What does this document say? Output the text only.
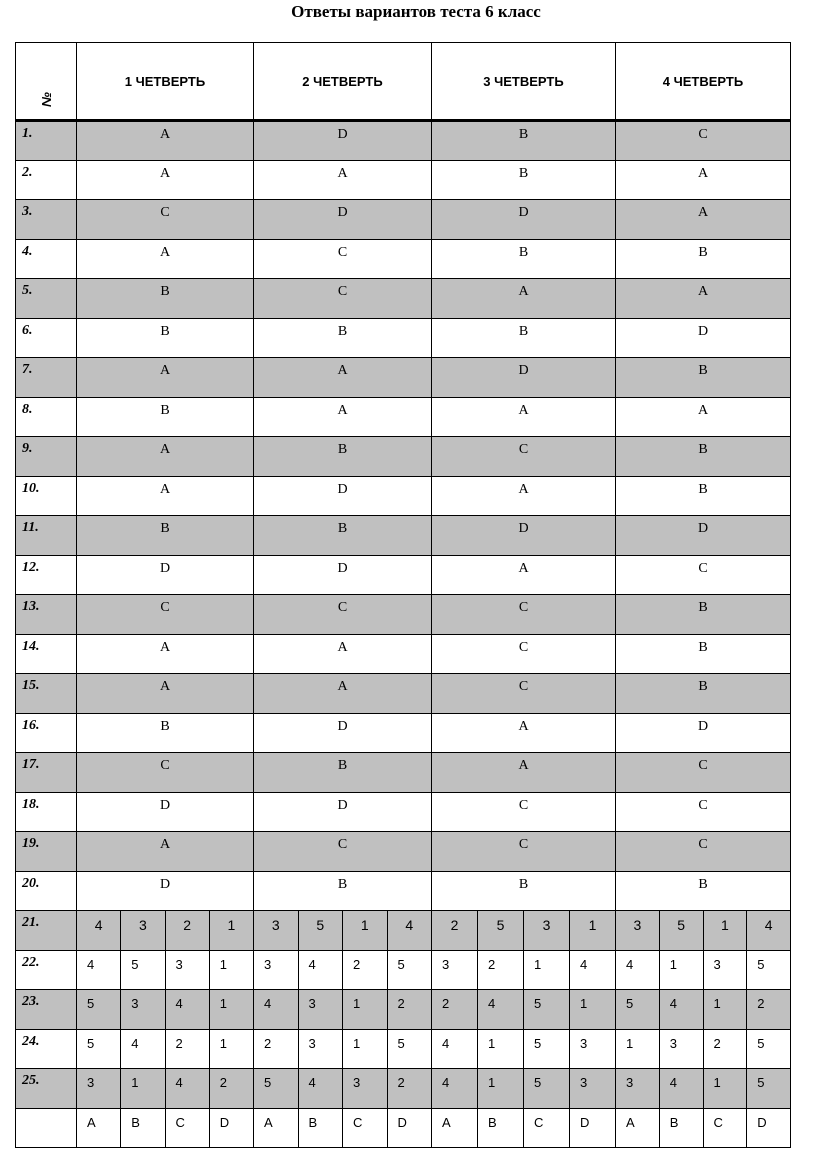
Ответы вариантов теста 6 класс
№	1 ЧЕТВЕРТЬ				2 ЧЕТВЕРТЬ				3 ЧЕТВЕРТЬ				4 ЧЕТВЕРТЬ			
1.	A				D				B				C			
2.	A				A				B				A			
3.	C				D				D				A			
4.	A				C				B				B			
5.	B				C				A				A			
6.	B				B				B				D			
7.	A				A				D				B			
8.	B				A				A				A			
9.	A				B				C				B			
10.	A				D				A				B			
11.	B				B				D				D			
12.	D				D				A				C			
13.	C				C				C				B			
14.	A				A				C				B			
15.	A				A				C				B			
16.	B				D				A				D			
17.	C				B				A				C			
18.	D				D				C				C			
19.	A				C				C				C			
20.	D				B				B				B			
21.	4	3	2	1	3	5	1	4	2	5	3	1	3	5	1	4
22.	4	5	3	1	3	4	2	5	3	2	1	4	4	1	3	5
23.	5	3	4	1	4	3	1	2	2	4	5	1	5	4	1	2
24.	5	4	2	1	2	3	1	5	4	1	5	3	1	3	2	5
25.	3	1	4	2	5	4	3	2	4	1	5	3	3	4	1	5
	A	B	C	D	A	B	C	D	A	B	C	D	A	B	C	D
